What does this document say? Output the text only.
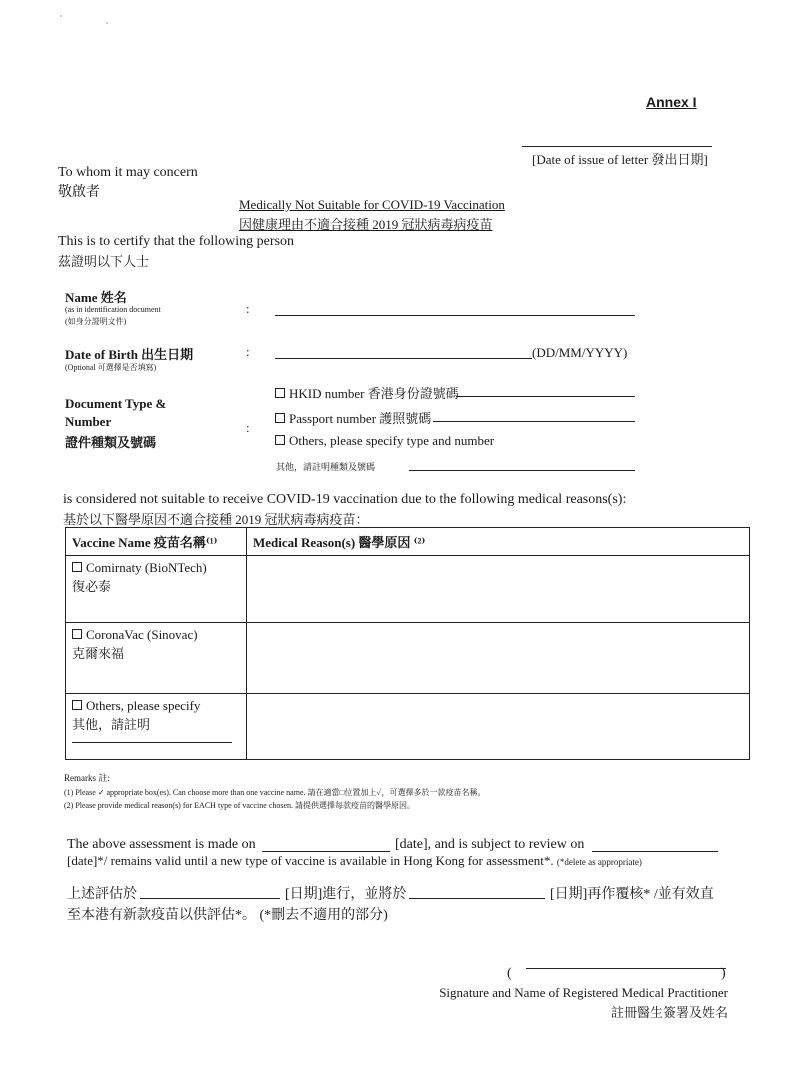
Annex I
[Date of issue of letter 發出日期]
To whom it may concern
敬啟者
Medically Not Suitable for COVID-19 Vaccination
因健康理由不適合接種 2019 冠狀病毒病疫苗
This is to certify that the following person
茲證明以下人士
Name 姓名
(as in identification document
(如身分證明文件)
:
Date of Birth 出生日期
(Optional 可選擇是否填寫)
:	(DD/MM/YYYY)
Document Type &
Number
證件種類及號碼
:
HKID number 香港身份證號碼
Passport number 護照號碼
Others, please specify type and number
其他，請註明種類及號碼
is considered not suitable to receive COVID-19 vaccination due to the following medical reasons(s):
基於以下醫學原因不適合接種 2019 冠狀病毒病疫苗：
Vaccine Name 疫苗名稱⁽¹⁾	Medical Reason(s) 醫學原因 ⁽²⁾
Comirnaty (BioNTech)
復必泰	
CoronaVac (Sinovac)
克爾來福	
Others, please specify
其他，請註明

Remarks 註:
(1) Please ✓ appropriate box(es). Can choose more than one vaccine name. 請在適當□位置加上✓，可選擇多於一款疫苗名稱。
(2) Please provide medical reason(s) for EACH type of vaccine chosen. 請提供選擇每款疫苗的醫學原因。
The above assessment is made on	[date], and is subject to review on
[date]*/ remains valid until a new type of vaccine is available in Hong Kong for assessment*. (*delete as appropriate)
上述評估於	[日期]進行，並將於	[日期]再作覆核* /並有效直
至本港有新款疫苗以供評估*。 (*刪去不適用的部分)
(	)
Signature and Name of Registered Medical Practitioner
註冊醫生簽署及姓名
